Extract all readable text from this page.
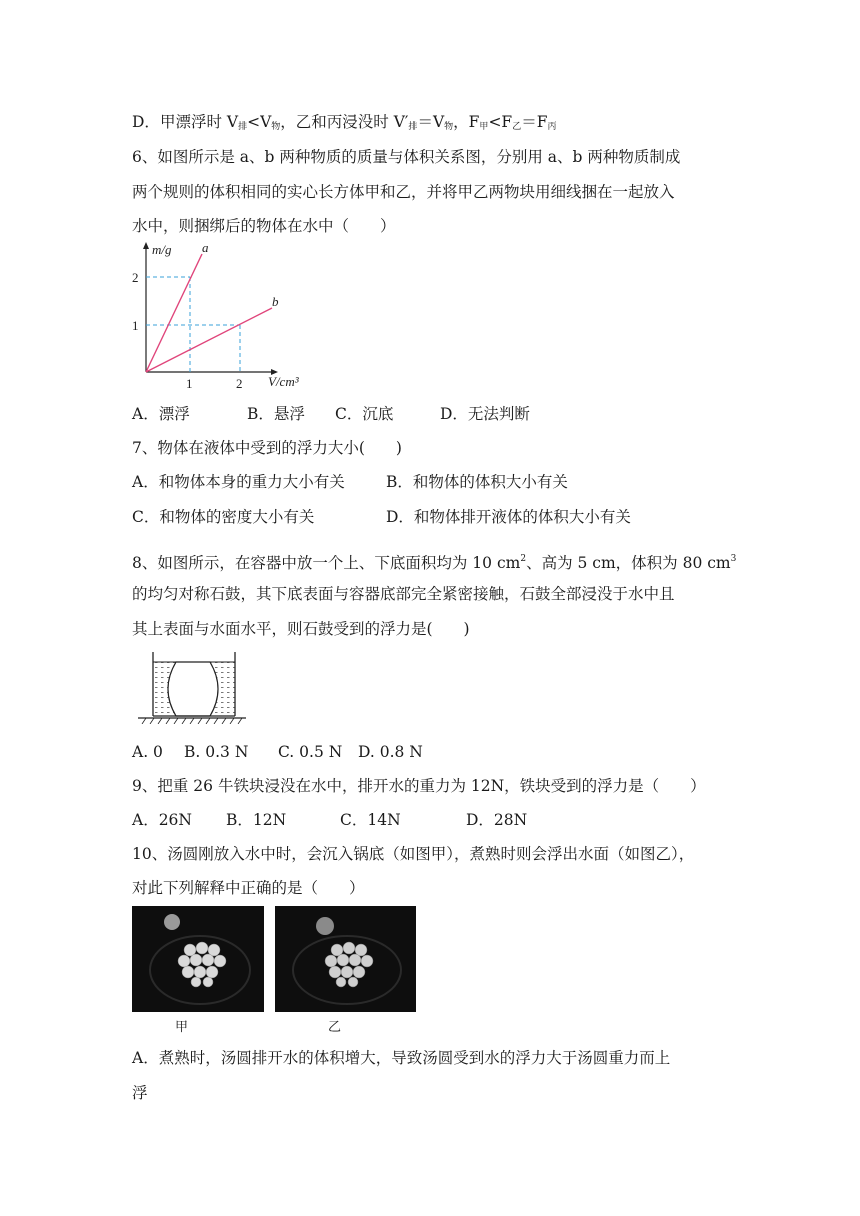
D．甲漂浮时 $V_排<V_物$，乙和丙浸没时 $V'_排=V_物$，$F_甲<F_乙=F_丙$
6、如图所示是 a、b 两种物质的质量与体积关系图，分别用 a、b 两种物质制成
两个规则的体积相同的实心长方体甲和乙，并将甲乙两物块用细线捆在一起放入
水中，则捆绑后的物体在水中（　　）
m/g
V/cm³
a
b
2
1
1	2
A．漂浮	B．悬浮 C．沉底	D．无法判断
7、物体在液体中受到的浮力大小(　　)
A．和物体本身的重力大小有关	B．和物体的体积大小有关
C．和物体的密度大小有关	D．和物体排开液体的体积大小有关
8、如图所示，在容器中放一个上、下底面积均为 10 $cm^2$、高为 5 cm，体积为 80 $cm^3$
的均匀对称石鼓，其下底表面与容器底部完全紧密接触，石鼓全部浸没于水中且
其上表面与水面水平，则石鼓受到的浮力是(　　)
A. 0 B. 0.3 N C. 0.5 N D. 0.8 N
9、把重 26 牛铁块浸没在水中，排开水的重力为 12N，铁块受到的浮力是（　　）
A．26N B．12N	C．14N	D．28N
10、汤圆刚放入水中时，会沉入锅底（如图甲），煮熟时则会浮出水面（如图乙），
对此下列解释中正确的是（　　）
甲	乙
A．煮熟时，汤圆排开水的体积增大，导致汤圆受到水的浮力大于汤圆重力而上
浮
